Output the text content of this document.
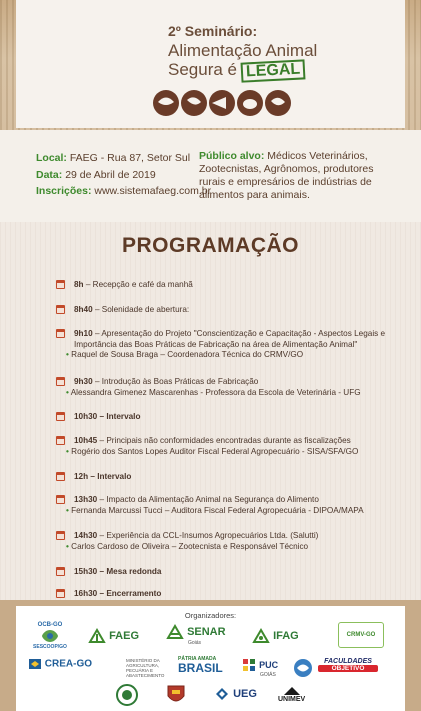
2º Seminário:
Alimentação Animal
Segura é LEGAL
Local: FAEG - Rua 87, Setor Sul
Data: 29 de Abril de 2019
Inscrições: www.sistemafaeg.com.br
Público alvo: Médicos Veterinários, Zootecnistas, Agrônomos, produtores rurais e empresários de indústrias de alimentos para animais.
PROGRAMAÇÃO
8h – Recepção e café da manhã
8h40 – Solenidade de abertura:
9h10 – Apresentação do Projeto "Conscientização e Capacitação - Aspectos Legais e Importância das Boas Práticas de Fabricação na área de Alimentação Animal"
• Raquel de Sousa Braga – Coordenadora Técnica do CRMV/GO
9h30 – Introdução às Boas Práticas de Fabricação
• Alessandra Gimenez Mascarenhas - Professora da Escola de Veterinária - UFG
10h30 – Intervalo
10h45 – Principais não conformidades encontradas durante as fiscalizações
• Rogério dos Santos Lopes Auditor Fiscal Federal Agropecuário - SISA/SFA/GO
12h – Intervalo
13h30 – Impacto da Alimentação Animal na Segurança do Alimento
• Fernanda Marcussi Tucci – Auditora Fiscal Federal Agropecuária - DIPOA/MAPA
14h30 – Experiência da CCL-Insumos Agropecuários Ltda. (Salutti)
• Carlos Cardoso de Oliveira – Zootecnista e Responsável Técnico
15h30 – Mesa redonda
16h30 – Encerramento
Organizadores:
OCB-GO
SESCOOP/GO
FAEG	SENAR
Goiás
IFAG	CRMV-GO
CREA-GO	MINISTÉRIO DA AGRICULTURA, PECUÁRIA E ABASTECIMENTO
PÁTRIA AMADA
BRASIL	PUC
GOIÁS
FACULDADES
OBJETIVO
UEG	UNIMEV
